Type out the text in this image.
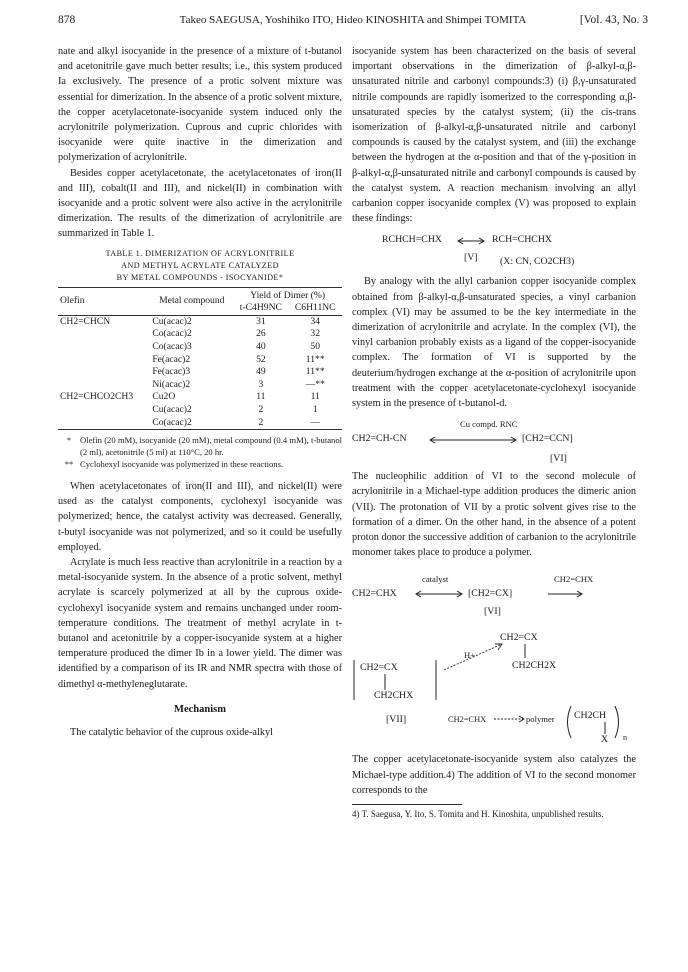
878	Takeo SAEGUSA, Yoshihiko ITO, Hideo KINOSHITA and Shimpei TOMITA	[Vol. 43, No. 3

nate and alkyl isocyanide in the presence of a mixture of t-butanol and acetonitrile gave much better results; i.e., this system produced Ia exclusively. The presence of a protic solvent mixture was essential for dimerization. In the absence of a protic solvent mixture, the copper acetylacetonate-isocyanide system induced only the acrylonitrile polymerization. Cuprous and cupric chlorides with isocyanide were quite inactive in the dimerization and polymerization of acrylonitrile.

Besides copper acetylacetonate, the acetylacetonates of iron(II and III), cobalt(II and III), and nickel(II) in combination with isocyanide and a protic solvent were also active in the acrylonitrile dimerization. The results of the dimerization of acrylonitrile are summarized in Table 1.

TABLE 1. DIMERIZATION OF ACRYLONITRILE
AND METHYL ACRYLATE CATALYZED
BY METAL COMPOUNDS - ISOCYANIDE*
Olefin	Metal compound	Yield of Dimer (%)	
		t-C4H9NC	C6H11NC
CH2=CHCN	Cu(acac)2	31	34
	Co(acac)2	26	32
	Co(acac)3	40	50
	Fe(acac)2	52	11**
	Fe(acac)3	49	11**
	Ni(acac)2	3	—**
CH2=CHCO2CH3	Cu2O	11	11
	Cu(acac)2	2	1
	Co(acac)2	2	—
*	Olefin (20 mM), isocyanide (20 mM), metal compound (0.4 mM), t-butanol (2 ml), acetonitrile (5 ml) at 110°C, 20 hr.
** Cyclohexyl isocyanide was polymerized in these reactions.

When acetylacetonates of iron(II and III), and nickel(II) were used as the catalyst components, cyclohexyl isocyanide was polymerized; hence, the catalyst activity was decreased. Generally, t-butyl isocyanide was not polymerized, and so it could be usefully employed.

Acrylate is much less reactive than acrylonitrile in a reaction by a metal-isocyanide system. In the absence of a protic solvent, methyl acrylate is scarcely polymerized at all by the cuprous oxide-cyclohexyl isocyanide system and remains unchanged under room-temperature conditions. The treatment of methyl acrylate in t-butanol and acetonitrile by a copper-isocyanide system at a higher temperature produced the dimer Ib in a lower yield. The dimer was identified by a comparison of its IR and NMR spectra with those of dimethyl α-methyleneglutarate.

Mechanism

The catalytic behavior of the cuprous oxide-alkyl

isocyanide system has been characterized on the basis of several important observations in the dimerization of β-alkyl-α,β-unsaturated nitrile and carbonyl compounds:3) (i) β,γ-unsaturated nitrile compounds are rapidly isomerized to the corresponding α,β-unsaturated species by the catalyst system; (ii) the cis-trans isomerization of β-alkyl-α,β-unsaturated nitrile and carbonyl compounds is caused by the catalyst system, and (iii) the exchange between the hydrogen at the α-position and that of the γ-position in β-alkyl-α,β-unsaturated nitrile and carbonyl compounds is caused by the catalyst system. A reaction mechanism involving an allyl carbanion copper isocyanide complex (V) was proposed to explain these findings:

RCHCH=CHX	RCH=CHCHX
[V] (X: CN, CO2CH3)

By analogy with the allyl carbanion copper isocyanide complex obtained from β-alkyl-α,β-unsaturated species, a vinyl carbanion complex (VI) may be assumed to be the key intermediate in the dimerization of acrylonitrile and acrylate. In the complex (VI), the vinyl carbanion probably exists as a ligand of the copper-isocyanide complex. The formation of VI is supported by the deuterium/hydrogen exchange at the α-position of acrylonitrile upon treatment with the copper acetylacetonate-cyclohexyl isocyanide system in the presence of t-butanol-d.

Cu compd. RNC
CH2=CH-CN	[CH2=CCN]
[VI]

The nucleophilic addition of VI to the second molecule of acrylonitrile in a Michael-type addition produces the dimeric anion (VII). The protonation of VII by a protic solvent gives rise to the formation of a dimer. On the other hand, in the absence of a potent proton donor the successive addition of carbanion to the acrylonitrile monomer takes place to produce a polymer.

CH2=CHX
catalyst
[CH2=CX]
[VI]
CH2=CHX
H+
CH2=CX
CH2CH2X
CH2=CX
CH2CHX
[VII]	CH2=CHX → polymer CH2CH
X n

The copper acetylacetonate-isocyanide system also catalyzes the Michael-type addition.4) The addition of VI to the second monomer corresponds to the

4) T. Saegusa, Y. Ito, S. Tomita and H. Kinoshita, unpublished results.
